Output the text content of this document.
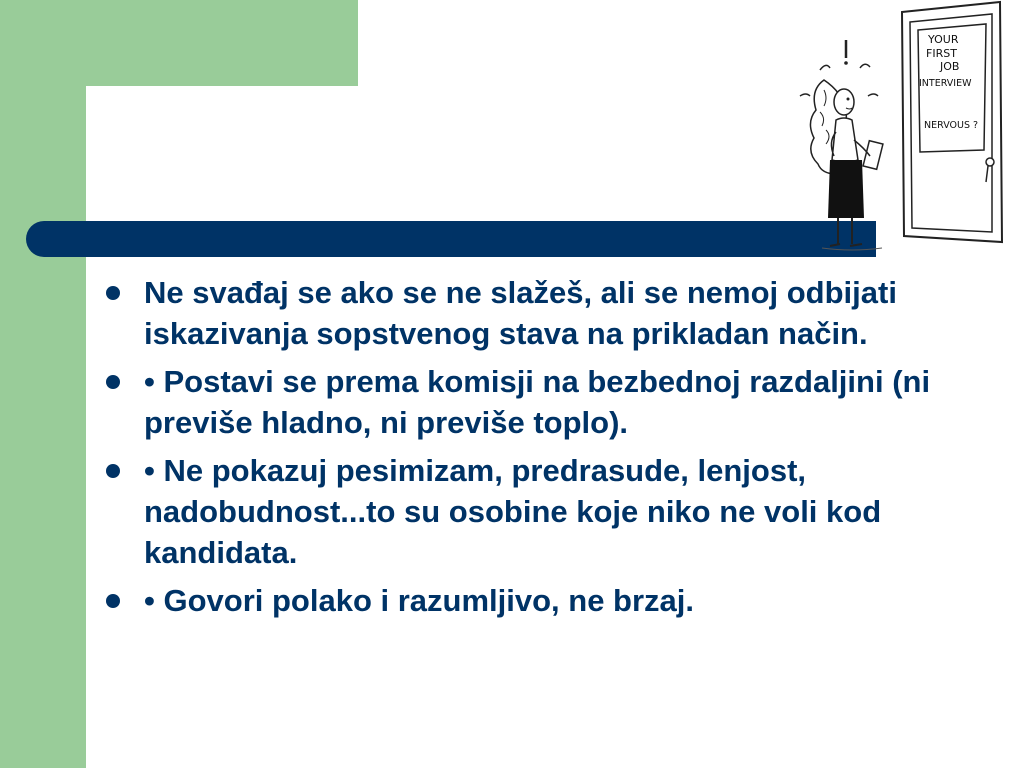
YOUR
FIRST
JOB
INTERVIEW
NERVOUS ?
Ne svađaj se ako se ne slažeš, ali se nemoj odbijati iskazivanja sopstvenog stava na prikladan način.
• Postavi se prema komisji na bezbednoj razdaljini (ni previše hladno, ni previše toplo).
• Ne pokazuj pesimizam, predrasude, lenjost, nadobudnost...to su osobine koje niko ne voli kod kandidata.
• Govori polako i razumljivo, ne brzaj.
